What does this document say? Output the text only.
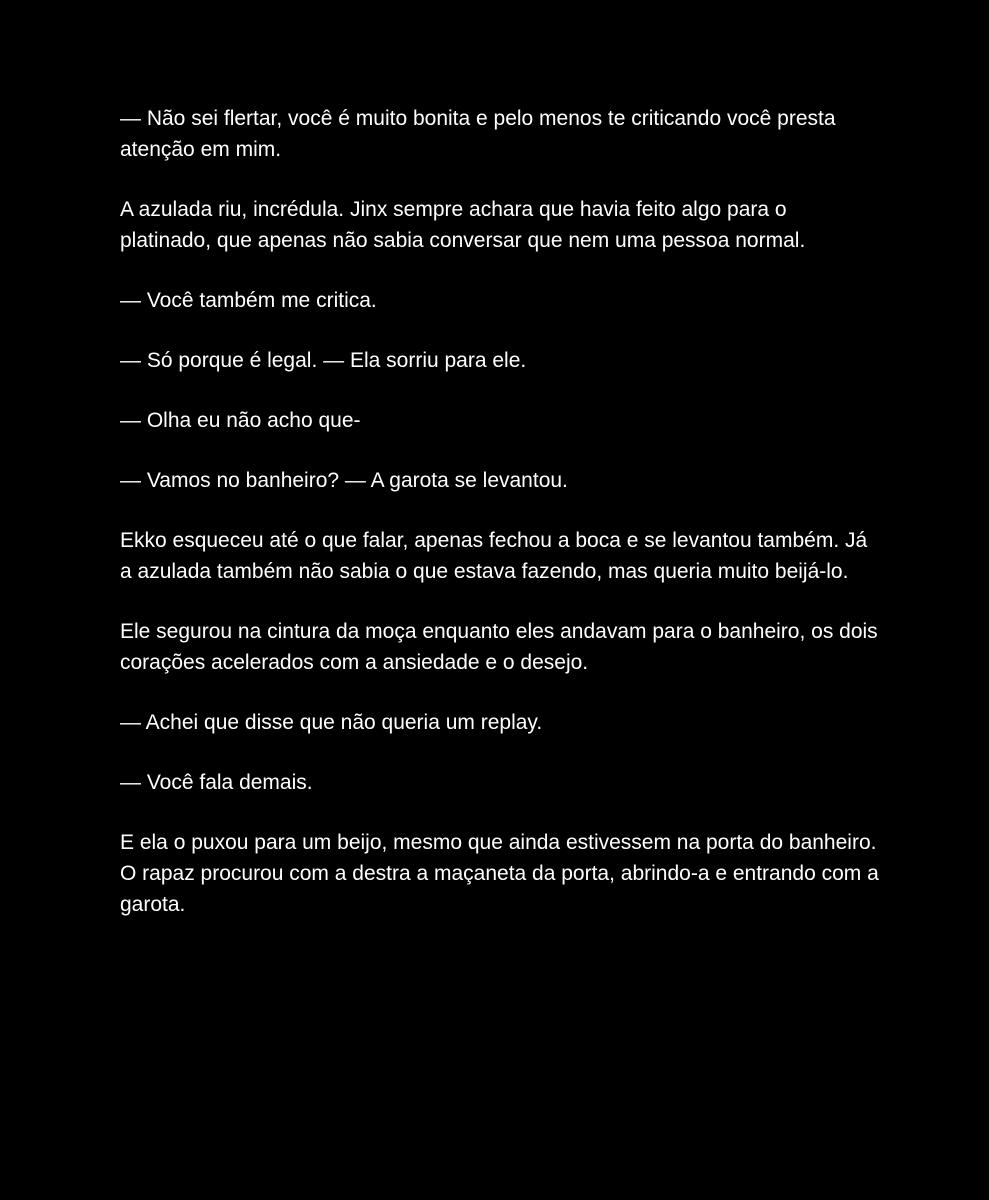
— Não sei flertar, você é muito bonita e pelo menos te criticando você presta atenção em mim.

A azulada riu, incrédula. Jinx sempre achara que havia feito algo para o platinado, que apenas não sabia conversar que nem uma pessoa normal.

— Você também me critica.

— Só porque é legal. — Ela sorriu para ele.

— Olha eu não acho que-

— Vamos no banheiro? — A garota se levantou.

Ekko esqueceu até o que falar, apenas fechou a boca e se levantou também. Já a azulada também não sabia o que estava fazendo, mas queria muito beijá-lo.

Ele segurou na cintura da moça enquanto eles andavam para o banheiro, os dois corações acelerados com a ansiedade e o desejo.

— Achei que disse que não queria um replay.

— Você fala demais.

E ela o puxou para um beijo, mesmo que ainda estivessem na porta do banheiro. O rapaz procurou com a destra a maçaneta da porta, abrindo-a e entrando com a garota.
